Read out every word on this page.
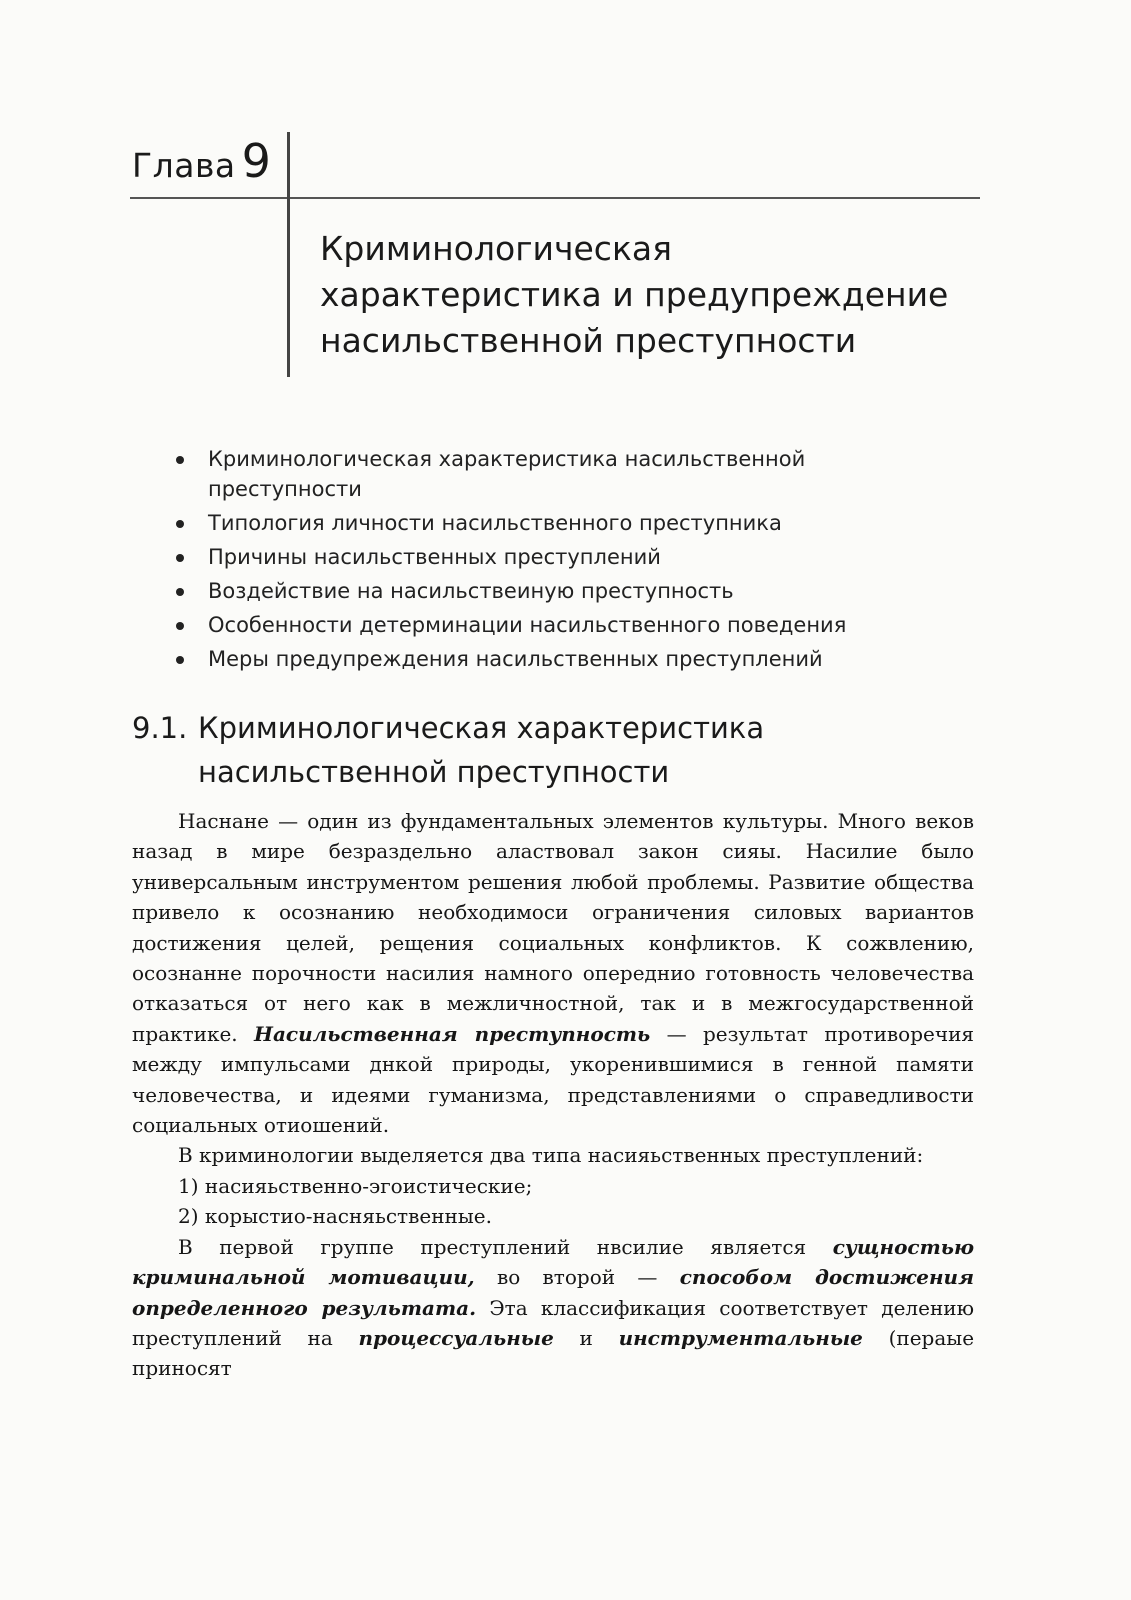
Глава 9
Криминологическая
характеристика и предупреждение
насильственной преступности
Криминологическая характеристика насильственной преступности
Типология личности насильственного преступника
Причины насильственных преступлений
Воздействие на насильствеиную преступность
Особенности детерминации насильственного поведения
Меры предупреждения насильственных преступлений
9.1. Криминологическая характеристика
насильственной преступности

Наснане — один из фундаментальных элементов культуры. Много веков назад в мире безраздельно аластвовал закон сияы. Насилие было универсальным инструментом решения любой проблемы. Развитие общества привело к осознанию необходимоси ограничения силовых вариантов достижения целей, рещения социальных конфликтов. К сожвлению, осознанне порочности насилия намного опереднио готовность человечества отказаться от него как в межличностной, так и в межгосударственной практике. Насильственная преступность — результат противоречия между импульсами днкой природы, укоренившимися в генной памяти человечества, и идеями гуманизма, представлениями о справедливости социальных отиошений.

В криминологии выделяется два типа насияьственных преступлений:

1) насияьственно-эгоистические;

2) корыстио-насняьственные.

В первой группе преступлений нвсилие является сущностью криминальной мотивации, во второй — способом достижения определенного результата. Эта классификация соответствует делению преступлений на процессуальные и инструментальные (перaые приносят
